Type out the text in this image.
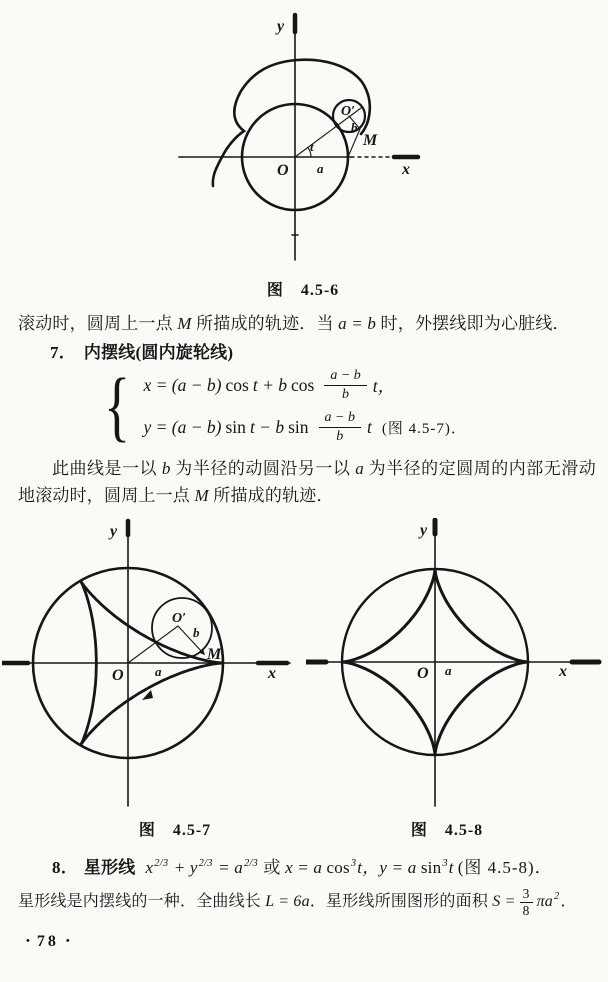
y
x
O a
t
O′
b
M
图　4.5-6

滚动时，圆周上一点 M 所描成的轨迹．当 a = b 时，外摆线即为心脏线．

7． 内摆线(圆内旋轮线)
{ x = (a − b) cos t + b $\cos \frac{a - b}{b}$ t，
y = (a − b) sin t − b $\sin \frac{a - b}{b}$ t (图 4.5-7)．

此曲线是一以 b 为半径的动圆沿另一以 a 为半径的定圆周的内部无滑动地滚动时，圆周上一点 M 所描成的轨迹．

y
x
O a
O′
b
M
y
x
O a
图　4.5-7	图　4.5-8
8． 星形线 $x^{2/3} + y^{2/3} = a^{2/3}$ 或 x = a $\cos^3t$，y = a $\sin^3t$ (图 4.5-8)．
星形线是内摆线的一种．全曲线长 L = 6a．星形线所围图形的面积 $S = \frac{3}{8} \pi a^2$．
• 78 •
